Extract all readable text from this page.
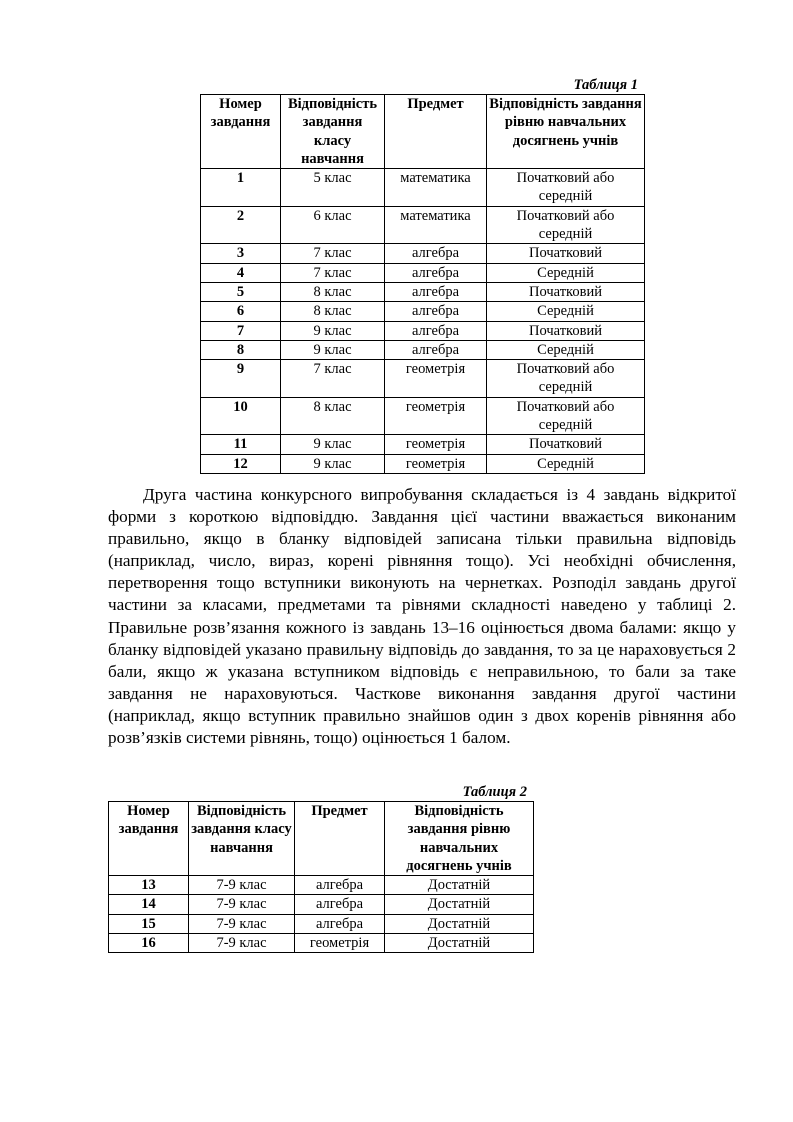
Таблиця 1
Номер завдання	Відповідність завдання класу навчання	Предмет	Відповідність завдання рівню навчальних досягнень учнів
1	5 клас	математика	Початковий або середній
2	6 клас	математика	Початковий або середній
3	7 клас	алгебра	Початковий
4	7 клас	алгебра	Середній
5	8 клас	алгебра	Початковий
6	8 клас	алгебра	Середній
7	9 клас	алгебра	Початковий
8	9 клас	алгебра	Середній
9	7 клас	геометрія	Початковий або середній
10	8 клас	геометрія	Початковий або середній
11	9 клас	геометрія	Початковий
12	9 клас	геометрія	Середній

Друга частина конкурсного випробування складається із 4 завдань відкритої форми з короткою відповіддю. Завдання цієї частини вважається виконаним правильно, якщо в бланку відповідей записана тільки правильна відповідь (наприклад, число, вираз, корені рівняння тощо). Усі необхідні обчислення, перетворення тощо вступники виконують на чернетках. Розподіл завдань другої частини за класами, предметами та рівнями складності наведено у таблиці 2. Правильне розв’язання кожного із завдань 13–16 оцінюється двома балами: якщо у бланку відповідей указано правильну відповідь до завдання, то за це нараховується 2 бали, якщо ж указана вступником відповідь є неправильною, то бали за таке завдання не нараховуються. Часткове виконання завдання другої частини (наприклад, якщо вступник правильно знайшов один з двох коренів рівняння або розв’язків системи рівнянь, тощо) оцінюється 1 балом.

Таблиця 2
Номер завдання	Відповідність завдання класу навчання	Предмет	Відповідність завдання рівню навчальних досягнень учнів
13	7-9 клас	алгебра	Достатній
14	7-9 клас	алгебра	Достатній
15	7-9 клас	алгебра	Достатній
16	7-9 клас	геометрія	Достатній
